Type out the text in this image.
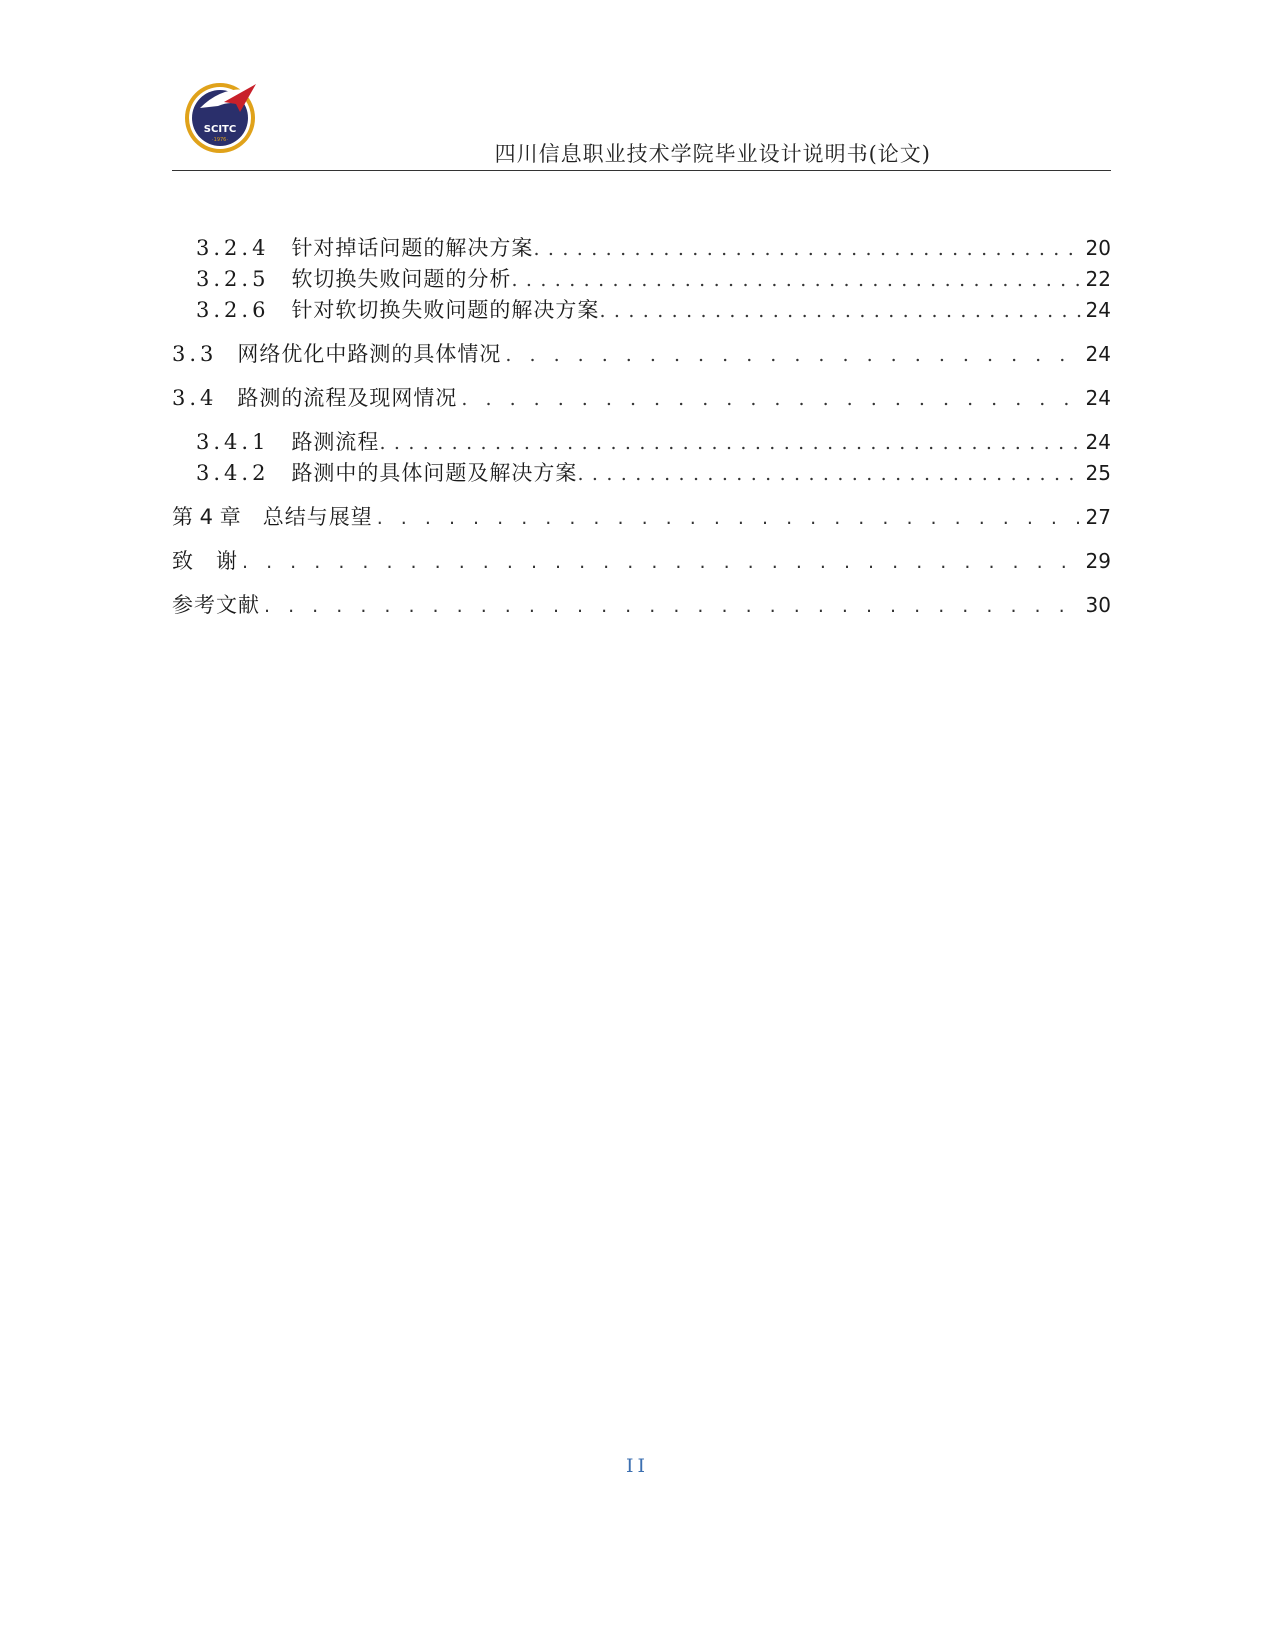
SCITC
·1976·
四川信息职业技术学院毕业设计说明书(论文)
3.2.4 针对掉话问题的解决方案 .....	20
3.2.5 软切换失败问题的分析 .....	22
3.2.6 针对软切换失败问题的解决方案 .....	24
3.3 网络优化中路测的具体情况 . . .	24
3.4 路测的流程及现网情况 . . .	24
3.4.1 路测流程 .....	24
3.4.2 路测中的具体问题及解决方案 .....	25
第 4 章 总结与展望 . . .	27
致　谢 . . .	29
参考文献 . . .	30
II
